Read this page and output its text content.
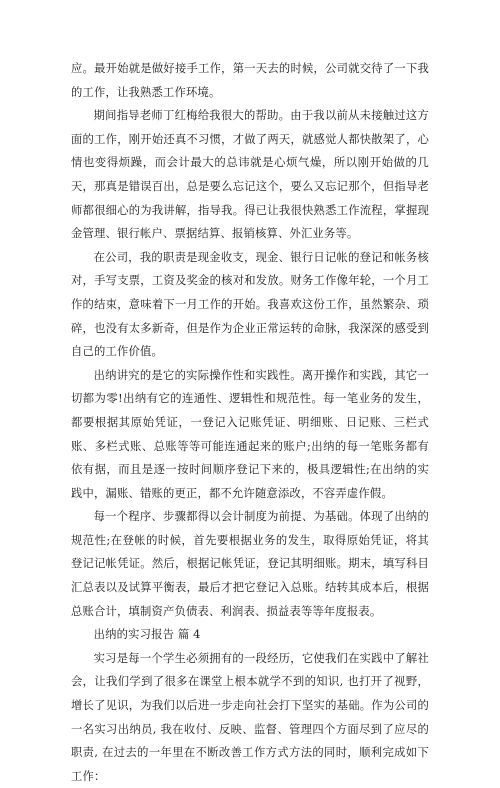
应。最开始就是做好接手工作，第一天去的时候，公司就交待了一下我的工作，让我熟悉工作环境。

期间指导老师丁红梅给我很大的帮助。由于我以前从未接触过这方面的工作，刚开始还真不习惯，才做了两天，就感觉人都快散架了，心情也变得烦躁，而会计最大的总讳就是心烦气燥，所以刚开始做的几天，那真是错误百出，总是要么忘记这个，要么又忘记那个，但指导老师都很细心的为我讲解，指导我。得已让我很快熟悉工作流程，掌握现金管理、银行帐户、票据结算、报销核算、外汇业务等。

在公司，我的职责是现金收支，现金、银行日记帐的登记和帐务核对，手写支票，工资及奖金的核对和发放。财务工作像年轮，一个月工作的结束，意味着下一月工作的开始。我喜欢这份工作，虽然繁杂、琐碎，也没有太多新奇，但是作为企业正常运转的命脉，我深深的感受到自己的工作价值。

出纳讲究的是它的实际操作性和实践性。离开操作和实践，其它一切都为零!出纳有它的连通性、逻辑性和规范性。每一笔业务的发生，都要根据其原始凭证，一登记入记账凭证、明细账、日记账、三栏式账、多栏式账、总账等等可能连通起来的账户;出纳的每一笔账务都有依有据，而且是逐一按时间顺序登记下来的，极具逻辑性;在出纳的实践中，漏账、错账的更正，都不允许随意添改，不容弄虚作假。

每一个程序、步骤都得以会计制度为前提、为基础。体现了出纳的规范性;在登帐的时候，首先要根据业务的发生，取得原始凭证，将其登记记帐凭证。然后，根据记帐凭证，登记其明细账。期末，填写科目汇总表以及试算平衡表，最后才把它登记入总账。结转其成本后，根据总账合计，填制资产负债表、利润表、损益表等等年度报表。

出纳的实习报告 篇 4

实习是每一个学生必须拥有的一段经历，它使我们在实践中了解社会，让我们学到了很多在课堂上根本就学不到的知识, 也打开了视野，增长了见识，为我们以后进一步走向社会打下坚实的基础。作为公司的一名实习出纳员, 我在收付、反映、监督、管理四个方面尽到了应尽的职责, 在过去的一年里在不断改善工作方式方法的同时，顺利完成如下工作：
